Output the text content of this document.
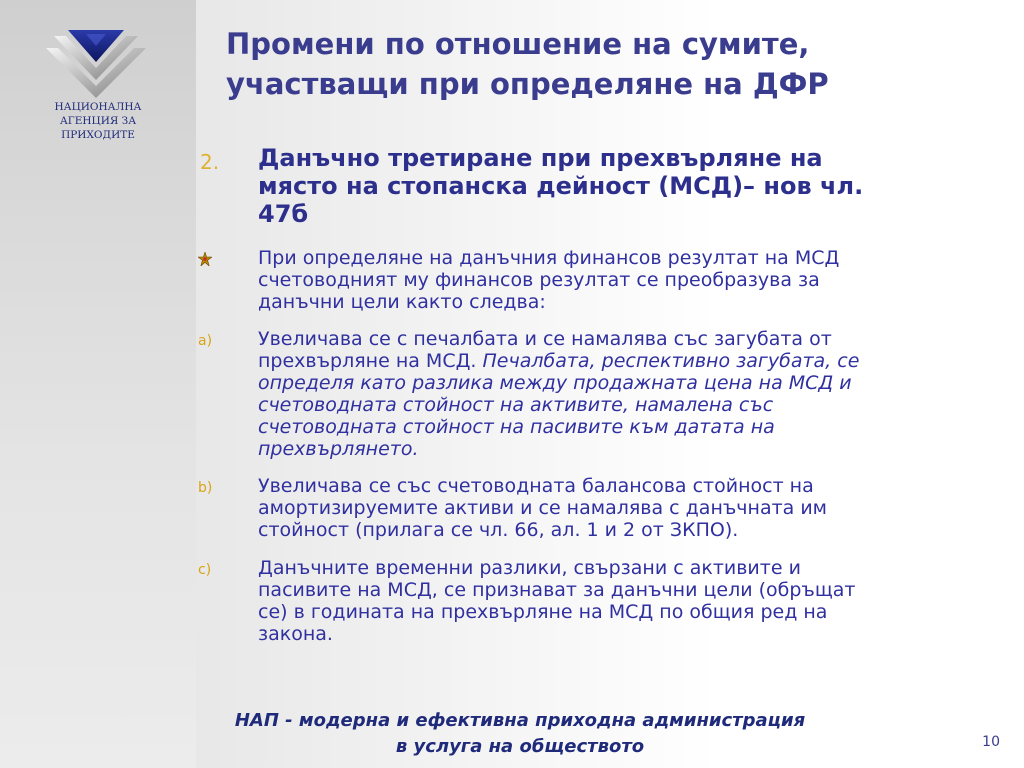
НАЦИОНАЛНА
АГЕНЦИЯ ЗА
ПРИХОДИТЕ
Промени по отношение на сумите,
участващи при определяне на ДФР
2. Данъчно третиране при прехвърляне на
място на стопанска дейност (МСД)– нов чл.
47б
При определяне на данъчния финансов резултат на МСД
счетоводният му финансов резултат се преобразува за
данъчни цели както следва:
a) Увеличава се с печалбата и се намалява със загубата от
прехвърляне на МСД. Печалбата, респективно загубата, се
определя като разлика между продажната цена на МСД и
счетоводната стойност на активите, намалена със
счетоводната стойност на пасивите към датата на
прехвърлянето.
b) Увеличава се със счетоводната балансова стойност на
амортизируемите активи и се намалява с данъчната им
стойност (прилага се чл. 66, ал. 1 и 2 от ЗКПО).
c) Данъчните временни разлики, свързани с активите и
пасивите на МСД, се признават за данъчни цели (обръщат
се) в годината на прехвърляне на МСД по общия ред на
закона.
НАП - модерна и ефективна приходна администрация
в услуга на обществото	10
